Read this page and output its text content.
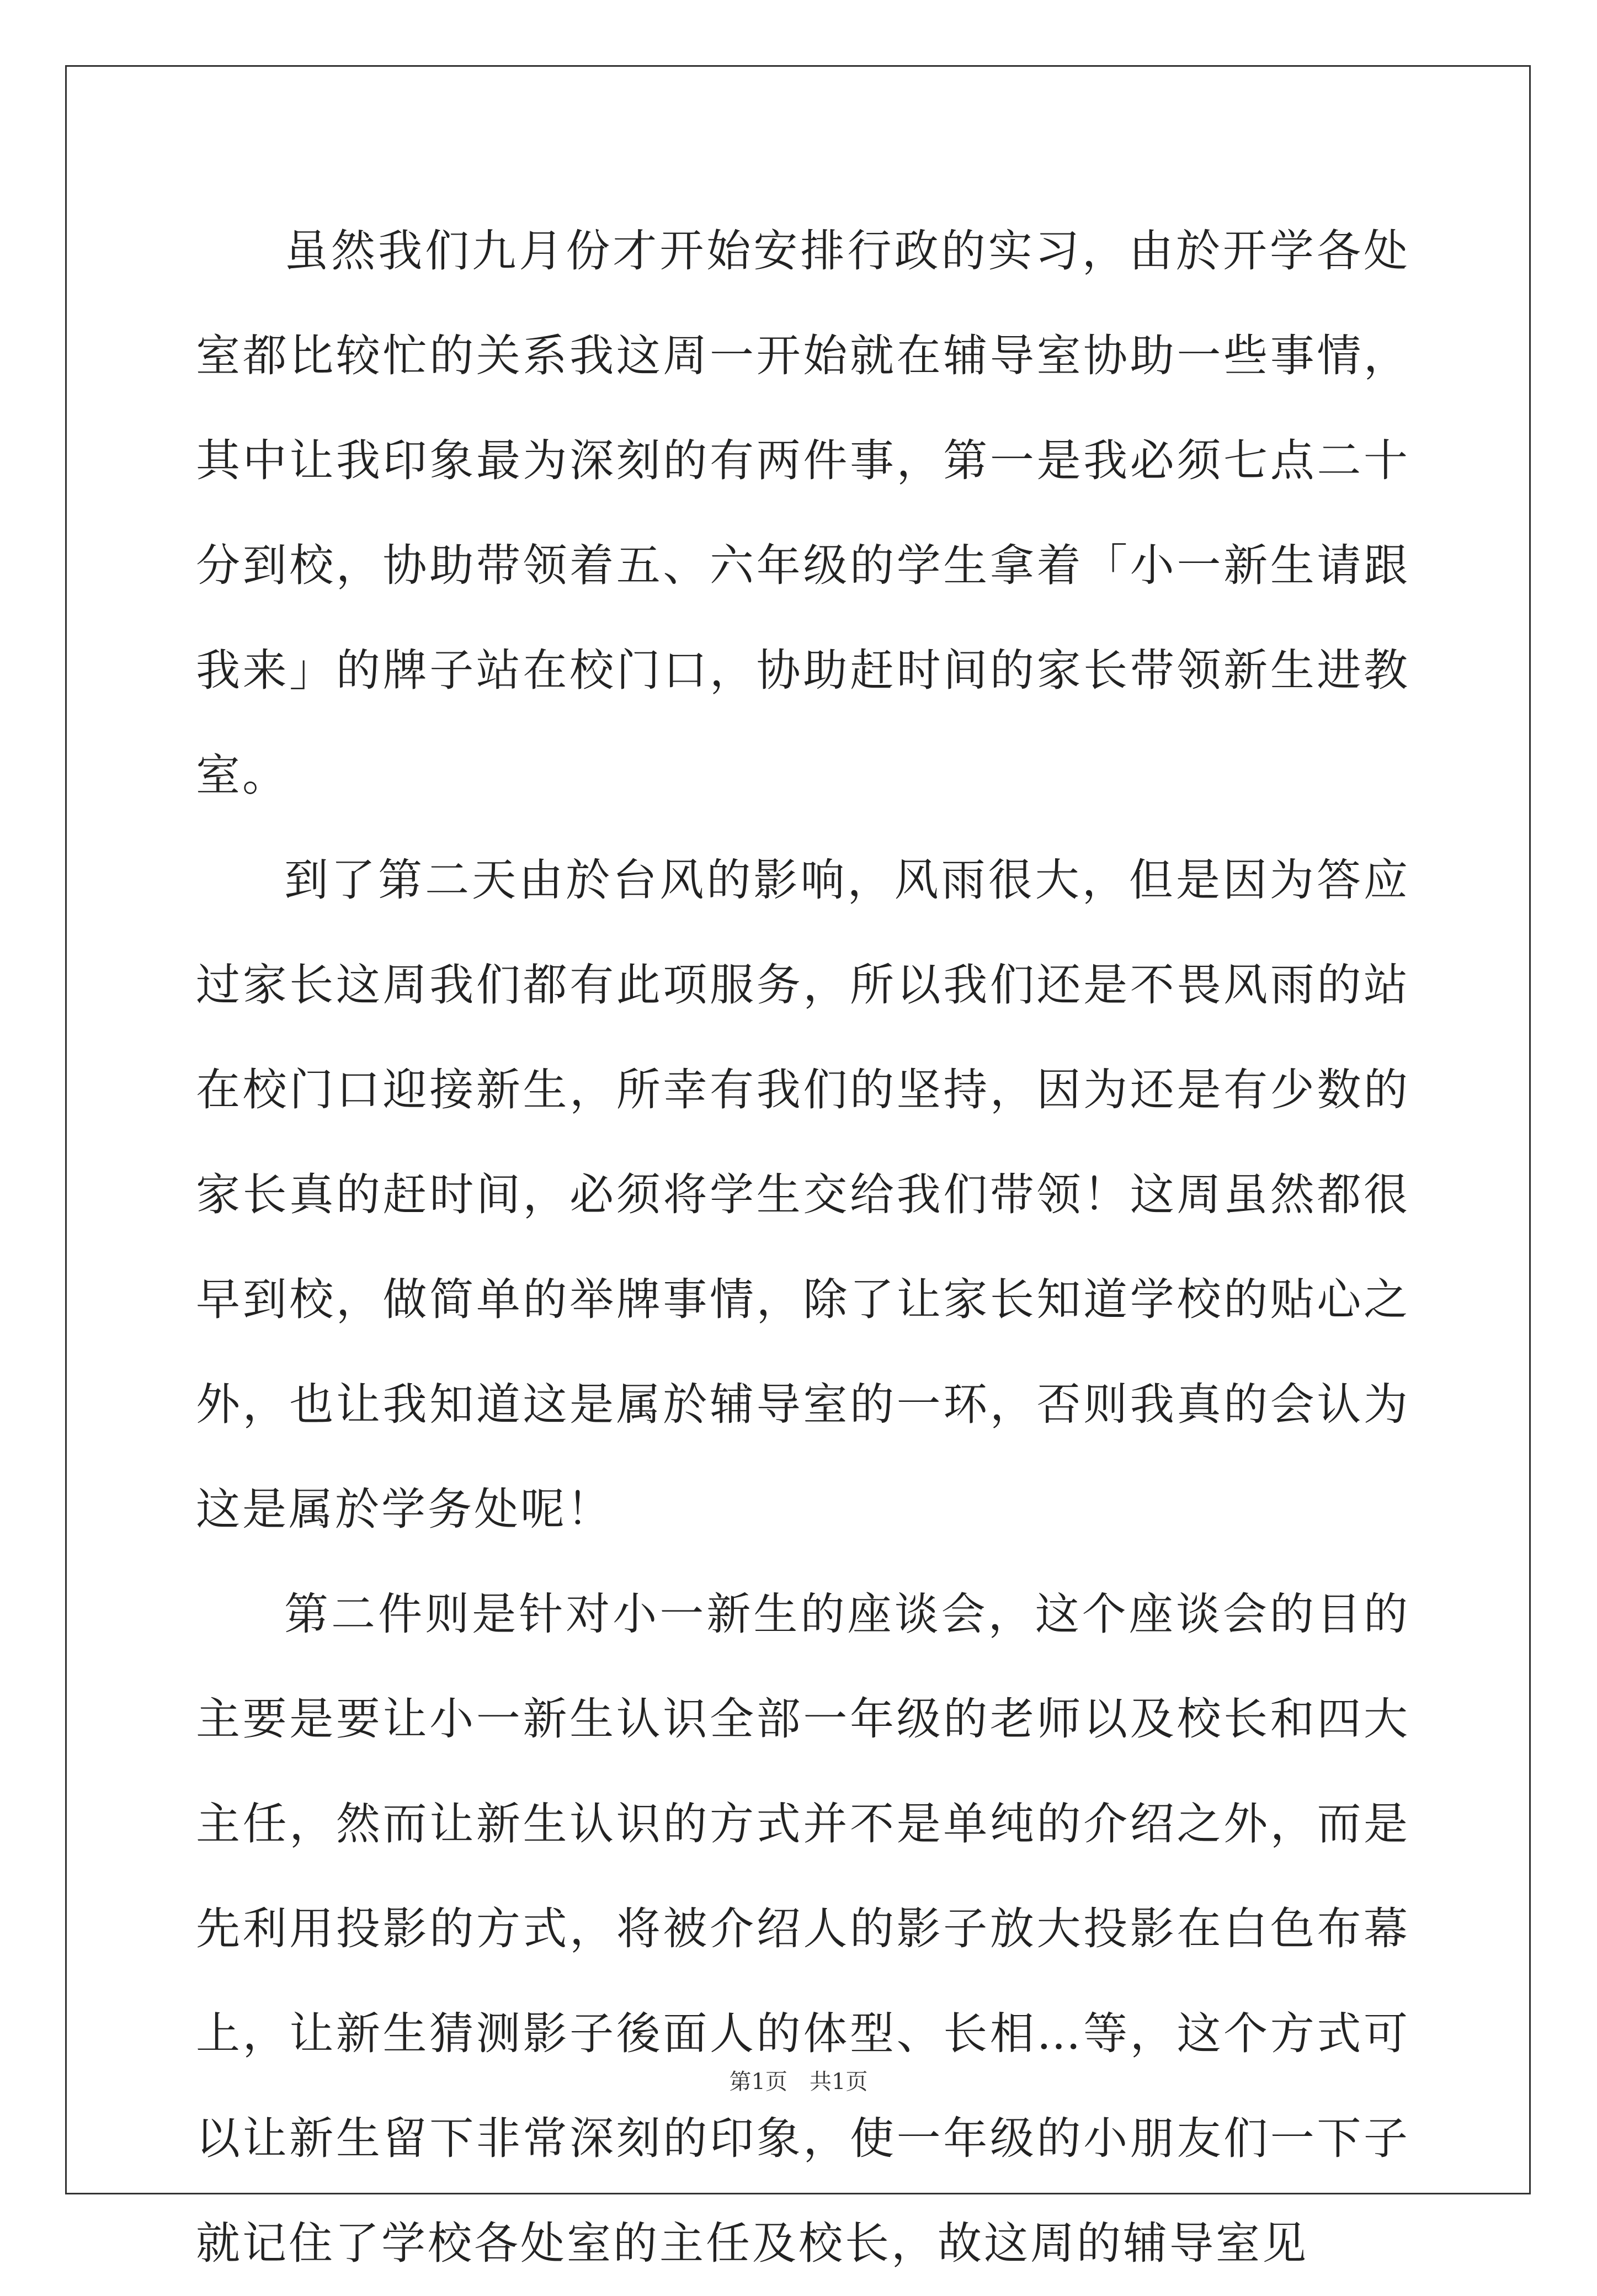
虽然我们九月份才开始安排行政的实习，由於开学各处室都比较忙的关系我这周一开始就在辅导室协助一些事情，其中让我印象最为深刻的有两件事，第一是我必须七点二十分到校，协助带领着五、六年级的学生拿着「小一新生请跟我来」的牌子站在校门口，协助赶时间的家长带领新生进教室。

到了第二天由於台风的影响，风雨很大，但是因为答应过家长这周我们都有此项服务，所以我们还是不畏风雨的站在校门口迎接新生，所幸有我们的坚持，因为还是有少数的家长真的赶时间，必须将学生交给我们带领！这周虽然都很早到校，做简单的举牌事情，除了让家长知道学校的贴心之外，也让我知道这是属於辅导室的一环，否则我真的会认为这是属於学务处呢！

第二件则是针对小一新生的座谈会，这个座谈会的目的主要是要让小一新生认识全部一年级的老师以及校长和四大主任，然而让新生认识的方式并不是单纯的介绍之外，而是先利用投影的方式，将被介绍人的影子放大投影在白色布幕上，让新生猜测影子後面人的体型、长相…等，这个方式可以让新生留下非常深刻的印象，使一年级的小朋友们一下子就记住了学校各处室的主任及校长，故这周的辅导室见

第1页　共1页
